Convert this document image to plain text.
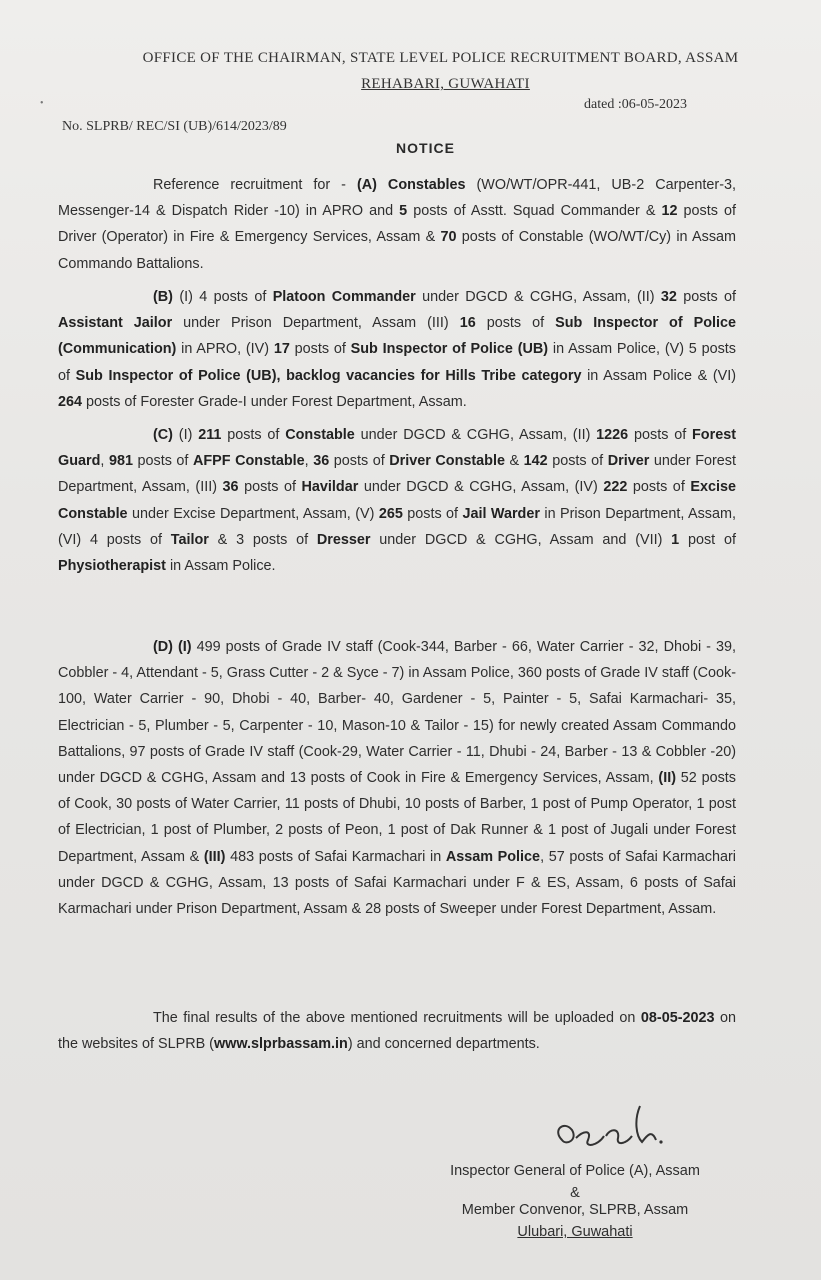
•
OFFICE OF THE CHAIRMAN, STATE LEVEL POLICE RECRUITMENT BOARD, ASSAM
REHABARI, GUWAHATI
dated :06-05-2023
No. SLPRB/ REC/SI (UB)/614/2023/89
NOTICE
Reference recruitment for - (A) Constables (WO/WT/OPR-441, UB-2 Carpenter-3, Messenger-14 & Dispatch Rider -10) in APRO and 5 posts of Asstt. Squad Commander & 12 posts of Driver (Operator) in Fire & Emergency Services, Assam & 70 posts of Constable (WO/WT/Cy) in Assam Commando Battalions.
(B) (I) 4 posts of Platoon Commander under DGCD & CGHG, Assam, (II) 32 posts of Assistant Jailor under Prison Department, Assam (III) 16 posts of Sub Inspector of Police (Communication) in APRO, (IV) 17 posts of Sub Inspector of Police (UB) in Assam Police, (V) 5 posts of Sub Inspector of Police (UB), backlog vacancies for Hills Tribe category in Assam Police & (VI) 264 posts of Forester Grade-I under Forest Department, Assam.
(C) (I) 211 posts of Constable under DGCD & CGHG, Assam, (II) 1226 posts of Forest Guard, 981 posts of AFPF Constable, 36 posts of Driver Constable & 142 posts of Driver under Forest Department, Assam, (III) 36 posts of Havildar under DGCD & CGHG, Assam, (IV) 222 posts of Excise Constable under Excise Department, Assam, (V) 265 posts of Jail Warder in Prison Department, Assam, (VI) 4 posts of Tailor & 3 posts of Dresser under DGCD & CGHG, Assam and (VII) 1 post of Physiotherapist in Assam Police.
(D) (I) 499 posts of Grade IV staff (Cook-344, Barber - 66, Water Carrier - 32, Dhobi - 39, Cobbler - 4, Attendant - 5, Grass Cutter - 2 & Syce - 7) in Assam Police, 360 posts of Grade IV staff (Cook-100, Water Carrier - 90, Dhobi - 40, Barber- 40, Gardener - 5, Painter - 5, Safai Karmachari- 35, Electrician - 5, Plumber - 5, Carpenter - 10, Mason-10 & Tailor - 15) for newly created Assam Commando Battalions, 97 posts of Grade IV staff (Cook-29, Water Carrier - 11, Dhubi - 24, Barber - 13 & Cobbler -20) under DGCD & CGHG, Assam and 13 posts of Cook in Fire & Emergency Services, Assam, (II) 52 posts of Cook, 30 posts of Water Carrier, 11 posts of Dhubi, 10 posts of Barber, 1 post of Pump Operator, 1 post of Electrician, 1 post of Plumber, 2 posts of Peon, 1 post of Dak Runner & 1 post of Jugali under Forest Department, Assam & (III) 483 posts of Safai Karmachari in Assam Police, 57 posts of Safai Karmachari under DGCD & CGHG, Assam, 13 posts of Safai Karmachari under F & ES, Assam, 6 posts of Safai Karmachari under Prison Department, Assam & 28 posts of Sweeper under Forest Department, Assam.
The final results of the above mentioned recruitments will be uploaded on 08-05-2023 on the websites of SLPRB (www.slprbassam.in) and concerned departments.
Inspector General of Police (A), Assam
&
Member Convenor, SLPRB, Assam
Ulubari, Guwahati
